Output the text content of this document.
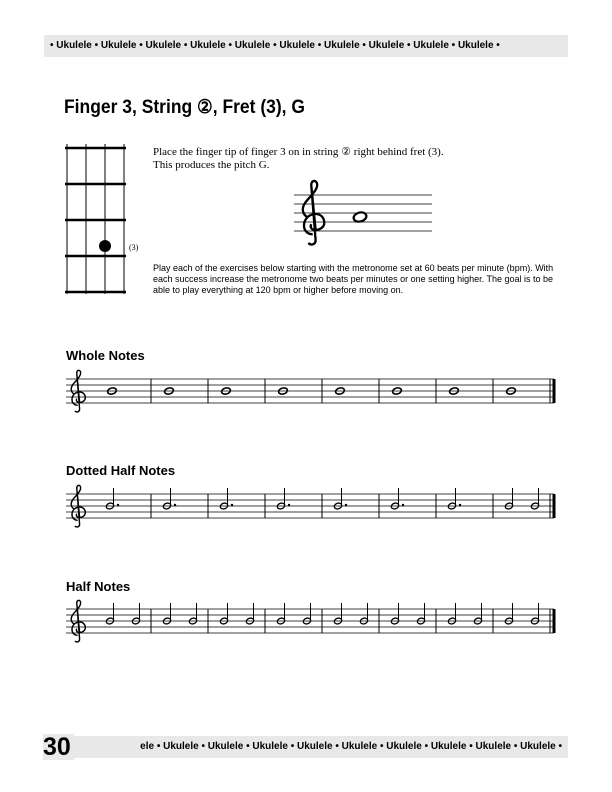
• Ukulele • Ukulele • Ukulele • Ukulele • Ukulele • Ukulele • Ukulele • Ukulele • Ukulele • Ukulele •
Finger 3, String ②, Fret (3), G
(3)
Place the finger tip of finger 3 on in string ② right behind fret (3).
This produces the pitch G.
Play each of the exercises below starting with the metronome set at 60 beats per minute (bpm). With each success increase the metronome two beats per minutes or one setting higher. The goal is to be able to play everything at 120 bpm or higher before moving on.
Whole Notes
Dotted Half Notes
Half Notes
ele • Ukulele • Ukulele • Ukulele • Ukulele • Ukulele • Ukulele • Ukulele • Ukulele • Ukulele •
30
